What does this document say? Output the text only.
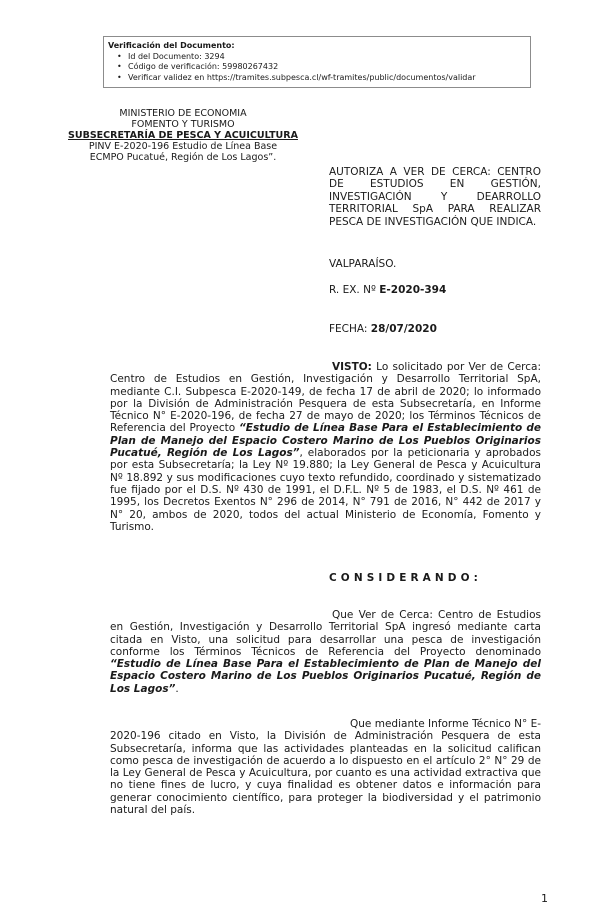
Verificación del Documento:
• Id del Documento: 3294
• Código de verificación: 59980267432
• Verificar validez en https://tramites.subpesca.cl/wf-tramites/public/documentos/validar
MINISTERIO DE ECONOMIA
FOMENTO Y TURISMO
SUBSECRETARÍA DE PESCA Y ACUICULTURA
PINV E-2020-196 Estudio de Línea Base
ECMPO Pucatué, Región de Los Lagos”.
AUTORIZA A VER DE CERCA: CENTRO DE ESTUDIOS EN GESTIÓN, INVESTIGACIÓN Y DEARROLLO TERRITORIAL SpA PARA REALIZAR PESCA DE INVESTIGACIÓN QUE INDICA.
VALPARAÍSO.
R. EX. Nº E-2020-394
FECHA: 28/07/2020
VISTO: Lo solicitado por Ver de Cerca: Centro de Estudios en Gestión, Investigación y Desarrollo Territorial SpA, mediante C.I. Subpesca E-2020-149, de fecha 17 de abril de 2020; lo informado por la División de Administración Pesquera de esta Subsecretaría, en Informe Técnico N° E-2020-196, de fecha 27 de mayo de 2020; los Términos Técnicos de Referencia del Proyecto “Estudio de Línea Base Para el Establecimiento de Plan de Manejo del Espacio Costero Marino de Los Pueblos Originarios Pucatué, Región de Los Lagos”, elaborados por la peticionaria y aprobados por esta Subsecretaría; la Ley Nº 19.880; la Ley General de Pesca y Acuicultura Nº 18.892 y sus modificaciones cuyo texto refundido, coordinado y sistematizado fue fijado por el D.S. Nº 430 de 1991, el D.F.L. Nº 5 de 1983, el D.S. Nº 461 de 1995, los Decretos Exentos N° 296 de 2014, N° 791 de 2016, N° 442 de 2017 y N° 20, ambos de 2020, todos del actual Ministerio de Economía, Fomento y Turismo.
CONSIDERANDO:
Que Ver de Cerca: Centro de Estudios en Gestión, Investigación y Desarrollo Territorial SpA ingresó mediante carta citada en Visto, una solicitud para desarrollar una pesca de investigación conforme los Términos Técnicos de Referencia del Proyecto denominado “Estudio de Línea Base Para el Establecimiento de Plan de Manejo del Espacio Costero Marino de Los Pueblos Originarios Pucatué, Región de Los Lagos”.
Que mediante Informe Técnico N° E-2020-196 citado en Visto, la División de Administración Pesquera de esta Subsecretaría, informa que las actividades planteadas en la solicitud califican como pesca de investigación de acuerdo a lo dispuesto en el artículo 2° N° 29 de la Ley General de Pesca y Acuicultura, por cuanto es una actividad extractiva que no tiene fines de lucro, y cuya finalidad es obtener datos e información para generar conocimiento científico, para proteger la biodiversidad y el patrimonio natural del país.
1
